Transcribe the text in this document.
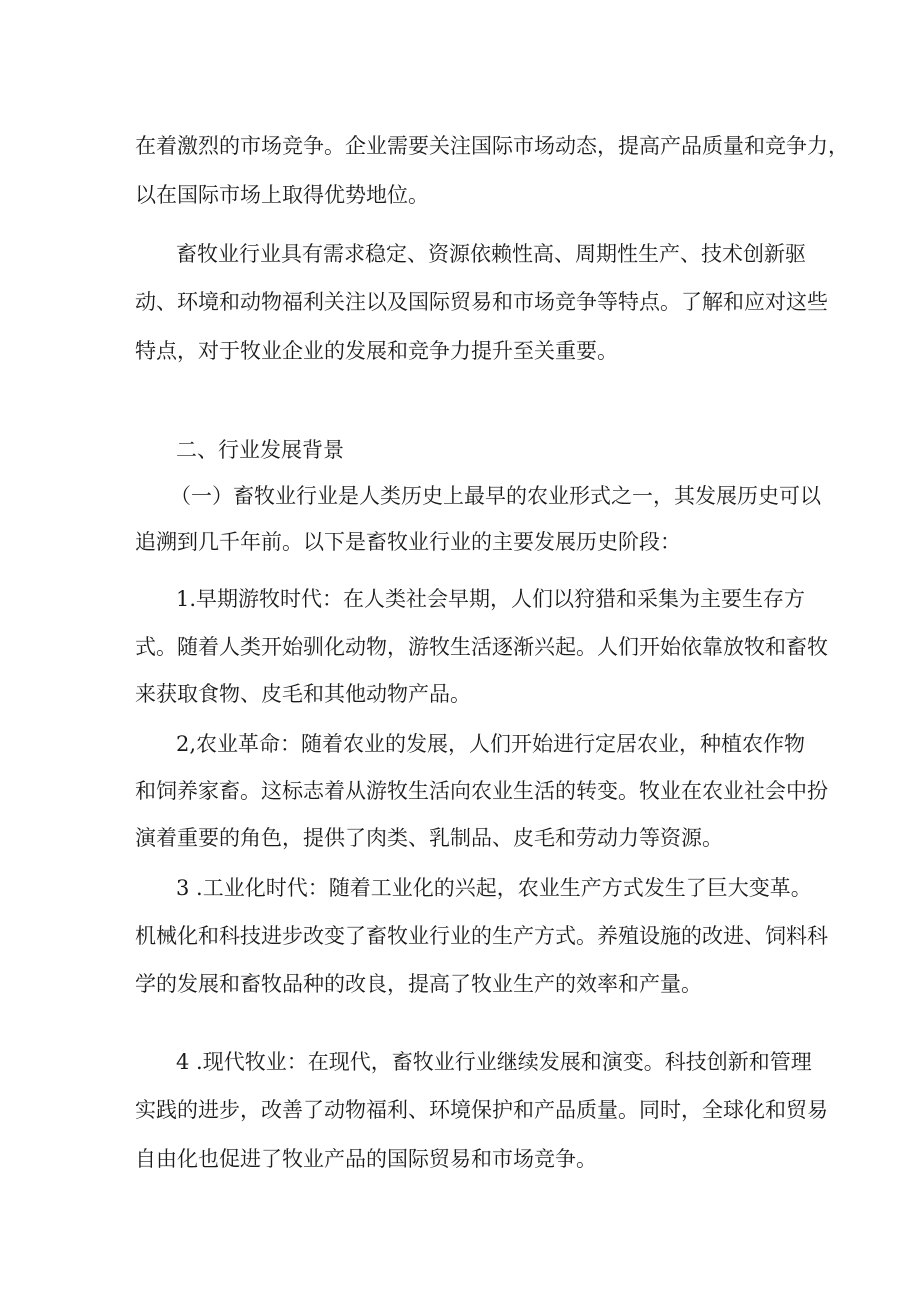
在着激烈的市场竞争。企业需要关注国际市场动态，提高产品质量和竞争力，

以在国际市场上取得优势地位。

畜牧业行业具有需求稳定、资源依赖性高、周期性生产、技术创新驱

动、环境和动物福利关注以及国际贸易和市场竞争等特点。了解和应对这些

特点，对于牧业企业的发展和竞争力提升至关重要。

二、行业发展背景

（一）畜牧业行业是人类历史上最早的农业形式之一，其发展历史可以

追溯到几千年前。以下是畜牧业行业的主要发展历史阶段：

1.早期游牧时代：在人类社会早期，人们以狩猎和采集为主要生存方

式。随着人类开始驯化动物，游牧生活逐渐兴起。人们开始依靠放牧和畜牧

来获取食物、皮毛和其他动物产品。

2,农业革命：随着农业的发展，人们开始进行定居农业，种植农作物

和饲养家畜。这标志着从游牧生活向农业生活的转变。牧业在农业社会中扮

演着重要的角色，提供了肉类、乳制品、皮毛和劳动力等资源。

3 .工业化时代：随着工业化的兴起，农业生产方式发生了巨大变革。

机械化和科技进步改变了畜牧业行业的生产方式。养殖设施的改进、饲料科

学的发展和畜牧品种的改良，提高了牧业生产的效率和产量。

4 .现代牧业：在现代，畜牧业行业继续发展和演变。科技创新和管理

实践的进步，改善了动物福利、环境保护和产品质量。同时，全球化和贸易

自由化也促进了牧业产品的国际贸易和市场竞争。
